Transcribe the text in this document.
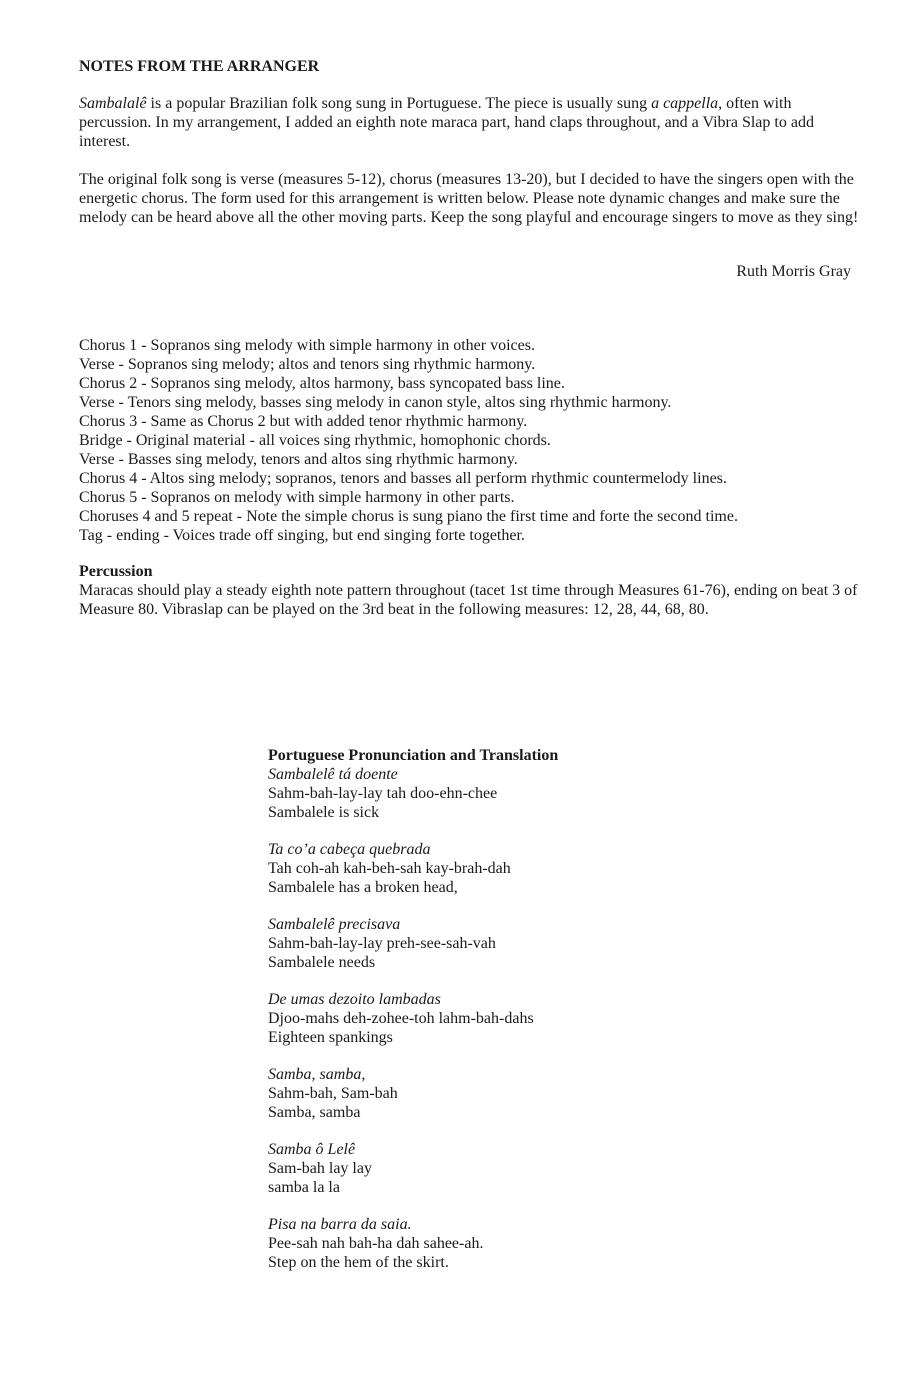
NOTES FROM THE ARRANGER

Sambalalê is a popular Brazilian folk song sung in Portuguese. The piece is usually sung a cappella, often with percussion. In my arrangement, I added an eighth note maraca part, hand claps throughout, and a Vibra Slap to add interest.

The original folk song is verse (measures 5-12), chorus (measures 13-20), but I decided to have the singers open with the energetic chorus. The form used for this arrangement is written below. Please note dynamic changes and make sure the melody can be heard above all the other moving parts. Keep the song playful and encourage singers to move as they sing!

Ruth Morris Gray

Chorus 1 - Sopranos sing melody with simple harmony in other voices.
Verse - Sopranos sing melody; altos and tenors sing rhythmic harmony.
Chorus 2 - Sopranos sing melody, altos harmony, bass syncopated bass line.
Verse - Tenors sing melody, basses sing melody in canon style, altos sing rhythmic harmony.
Chorus 3 - Same as Chorus 2 but with added tenor rhythmic harmony.
Bridge - Original material - all voices sing rhythmic, homophonic chords.
Verse - Basses sing melody, tenors and altos sing rhythmic harmony.
Chorus 4 - Altos sing melody; sopranos, tenors and basses all perform rhythmic countermelody lines.
Chorus 5 - Sopranos on melody with simple harmony in other parts.
Choruses 4 and 5 repeat - Note the simple chorus is sung piano the first time and forte the second time.
Tag - ending - Voices trade off singing, but end singing forte together.
Percussion

Maracas should play a steady eighth note pattern throughout (tacet 1st time through Measures 61-76), ending on beat 3 of Measure 80. Vibraslap can be played on the 3rd beat in the following measures: 12, 28, 44, 68, 80.

Portuguese Pronunciation and Translation
Sambalelê tá doente
Sahm-bah-lay-lay tah doo-ehn-chee
Sambalele is sick
Ta co’a cabeça quebrada
Tah coh-ah kah-beh-sah kay-brah-dah
Sambalele has a broken head,
Sambalelê precisava
Sahm-bah-lay-lay preh-see-sah-vah
Sambalele needs
De umas dezoito lambadas
Djoo-mahs deh-zohee-toh lahm-bah-dahs
Eighteen spankings
Samba, samba,
Sahm-bah, Sam-bah
Samba, samba
Samba ô Lelê
Sam-bah lay lay
samba la la
Pisa na barra da saia.
Pee-sah nah bah-ha dah sahee-ah.
Step on the hem of the skirt.
